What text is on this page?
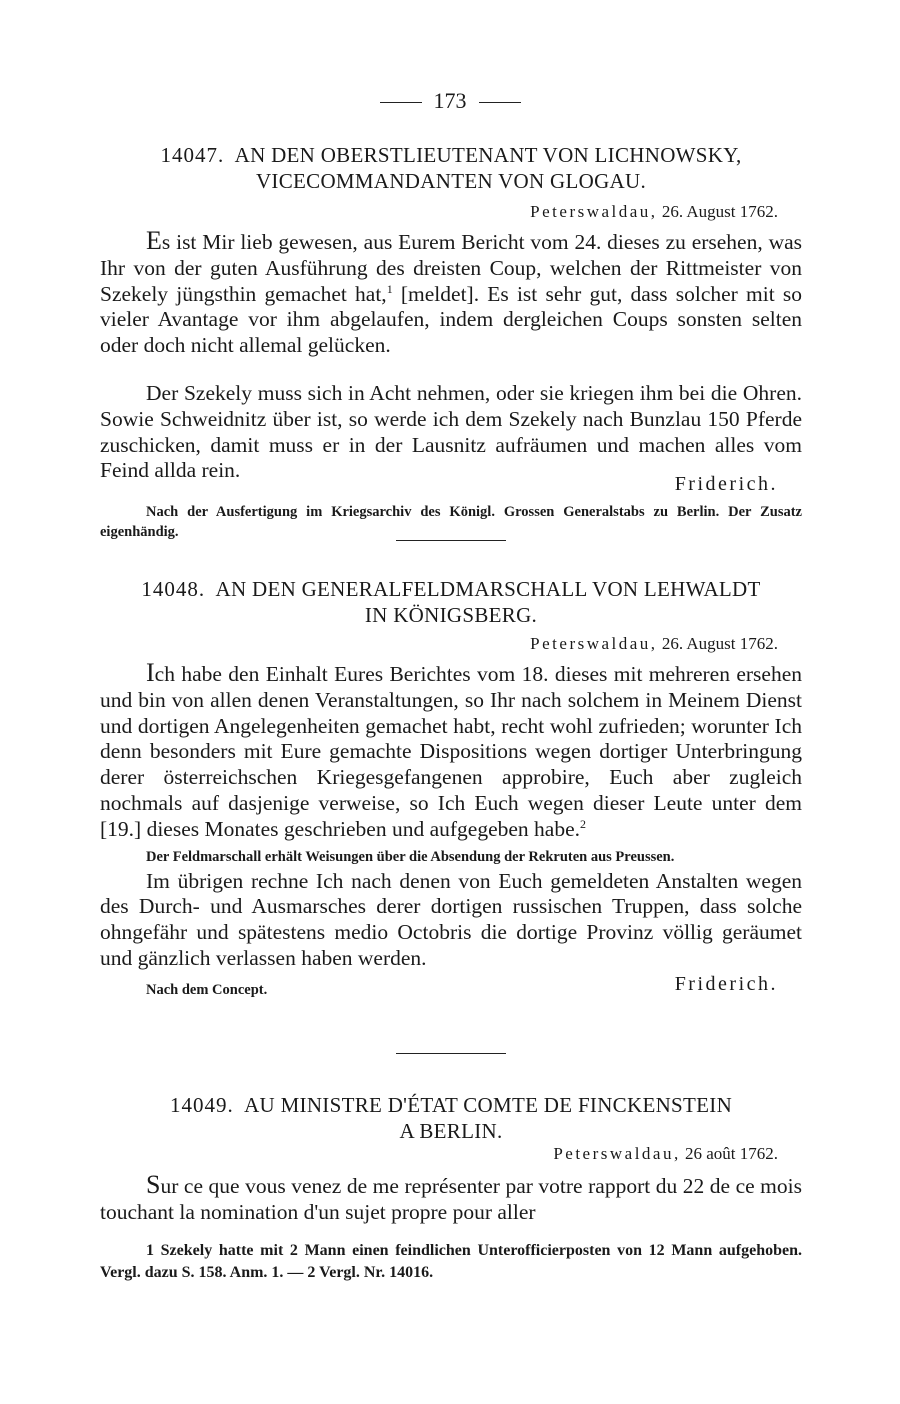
173
14047. AN DEN OBERSTLIEUTENANT VON LICHNOWSKY,
VICECOMMANDANTEN VON GLOGAU.
Peterswaldau, 26. August 1762.

Es ist Mir lieb gewesen, aus Eurem Bericht vom 24. dieses zu ersehen, was Ihr von der guten Ausführung des dreisten Coup, welchen der Rittmeister von Szekely jüngsthin gemachet hat,$^1$ [meldet]. Es ist sehr gut, dass solcher mit so vieler Avantage vor ihm abgelaufen, indem dergleichen Coups sonsten selten oder doch nicht allemal gelücken.

Der Szekely muss sich in Acht nehmen, oder sie kriegen ihm bei die Ohren. Sowie Schweidnitz über ist, so werde ich dem Szekely nach Bunzlau 150 Pferde zuschicken, damit muss er in der Lausnitz aufräumen und machen alles vom Feind allda rein.

Friderich.

Nach der Ausfertigung im Kriegsarchiv des Königl. Grossen Generalstabs zu Berlin. Der Zusatz eigenhändig.

14048. AN DEN GENERALFELDMARSCHALL VON LEHWALDT
IN KÖNIGSBERG.
Peterswaldau, 26. August 1762.

Ich habe den Einhalt Eures Berichtes vom 18. dieses mit mehreren ersehen und bin von allen denen Veranstaltungen, so Ihr nach solchem in Meinem Dienst und dortigen Angelegenheiten gemachet habt, recht wohl zufrieden; worunter Ich denn besonders mit Eure gemachte Dispositions wegen dortiger Unterbringung derer österreichschen Kriegesgefangenen approbire, Euch aber zugleich nochmals auf dasjenige verweise, so Ich Euch wegen dieser Leute unter dem [19.] dieses Monates geschrieben und aufgegeben habe.$^2$

Der Feldmarschall erhält Weisungen über die Absendung der Rekruten aus Preussen.

Im übrigen rechne Ich nach denen von Euch gemeldeten Anstalten wegen des Durch- und Ausmarsches derer dortigen russischen Truppen, dass solche ohngefähr und spätestens medio Octobris die dortige Provinz völlig geräumet und gänzlich verlassen haben werden.

Nach dem Concept.	Friderich.
14049. AU MINISTRE D'ÉTAT COMTE DE FINCKENSTEIN
A BERLIN.
Peterswaldau, 26 août 1762.

Sur ce que vous venez de me représenter par votre rapport du 22 de ce mois touchant la nomination d'un sujet propre pour aller

1 Szekely hatte mit 2 Mann einen feindlichen Unterofficierposten von 12 Mann aufgehoben. Vergl. dazu S. 158. Anm. 1. — 2 Vergl. Nr. 14016.
